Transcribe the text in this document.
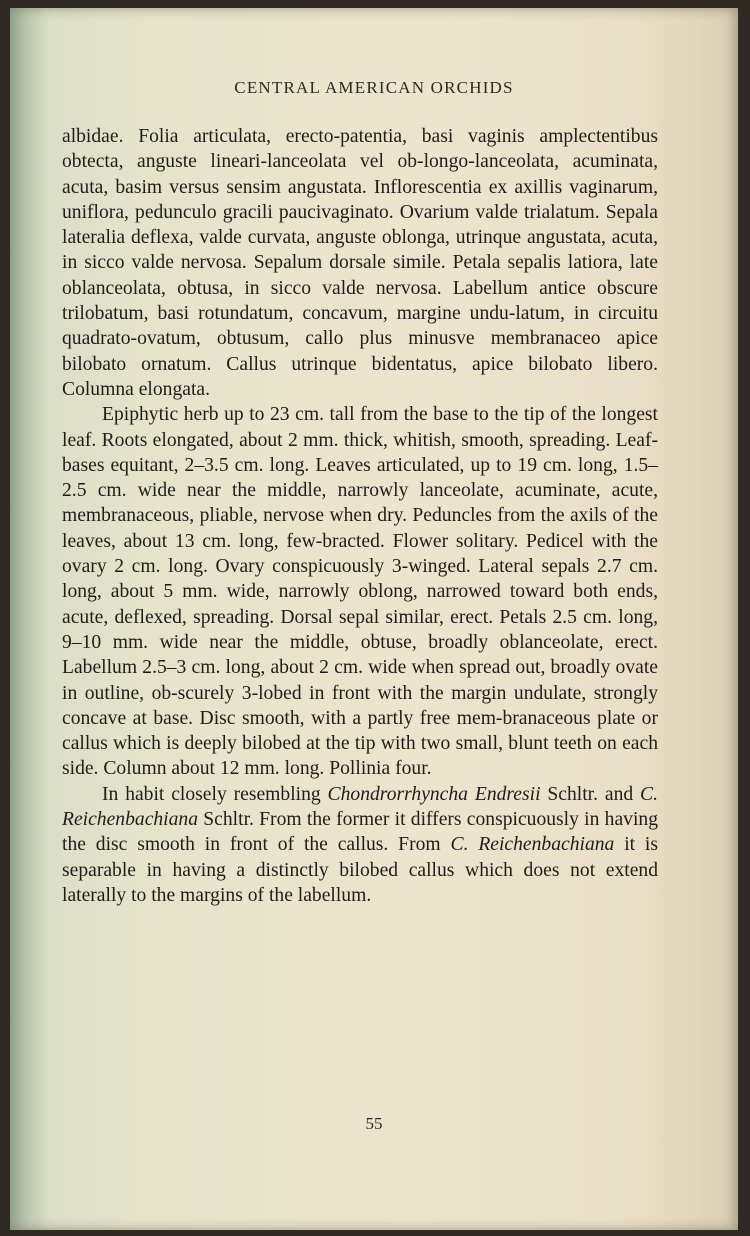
CENTRAL AMERICAN ORCHIDS

albidae. Folia articulata, erecto-patentia, basi vaginis amplectentibus obtecta, anguste lineari-lanceolata vel ob-longo-lanceolata, acuminata, acuta, basim versus sensim angustata. Inflorescentia ex axillis vaginarum, uniflora, pedunculo gracili paucivaginato. Ovarium valde trialatum. Sepala lateralia deflexa, valde curvata, anguste oblonga, utrinque angustata, acuta, in sicco valde nervosa. Sepalum dorsale simile. Petala sepalis latiora, late oblanceolata, obtusa, in sicco valde nervosa. Labellum antice obscure trilobatum, basi rotundatum, concavum, margine undu-latum, in circuitu quadrato-ovatum, obtusum, callo plus minusve membranaceo apice bilobato ornatum. Callus utrinque bidentatus, apice bilobato libero. Columna elongata.

Epiphytic herb up to 23 cm. tall from the base to the tip of the longest leaf. Roots elongated, about 2 mm. thick, whitish, smooth, spreading. Leaf-bases equitant, 2–3.5 cm. long. Leaves articulated, up to 19 cm. long, 1.5–2.5 cm. wide near the middle, narrowly lanceolate, acuminate, acute, membranaceous, pliable, nervose when dry. Peduncles from the axils of the leaves, about 13 cm. long, few-bracted. Flower solitary. Pedicel with the ovary 2 cm. long. Ovary conspicuously 3-winged. Lateral sepals 2.7 cm. long, about 5 mm. wide, narrowly oblong, narrowed toward both ends, acute, deflexed, spreading. Dorsal sepal similar, erect. Petals 2.5 cm. long, 9–10 mm. wide near the middle, obtuse, broadly oblanceolate, erect. Labellum 2.5–3 cm. long, about 2 cm. wide when spread out, broadly ovate in outline, ob-scurely 3-lobed in front with the margin undulate, strongly concave at base. Disc smooth, with a partly free mem-branaceous plate or callus which is deeply bilobed at the tip with two small, blunt teeth on each side. Column about 12 mm. long. Pollinia four.

In habit closely resembling Chondrorrhyncha Endresii Schltr. and C. Reichenbachiana Schltr. From the former it differs conspicuously in having the disc smooth in front of the callus. From C. Reichenbachiana it is separable in having a distinctly bilobed callus which does not extend laterally to the margins of the labellum.

55
